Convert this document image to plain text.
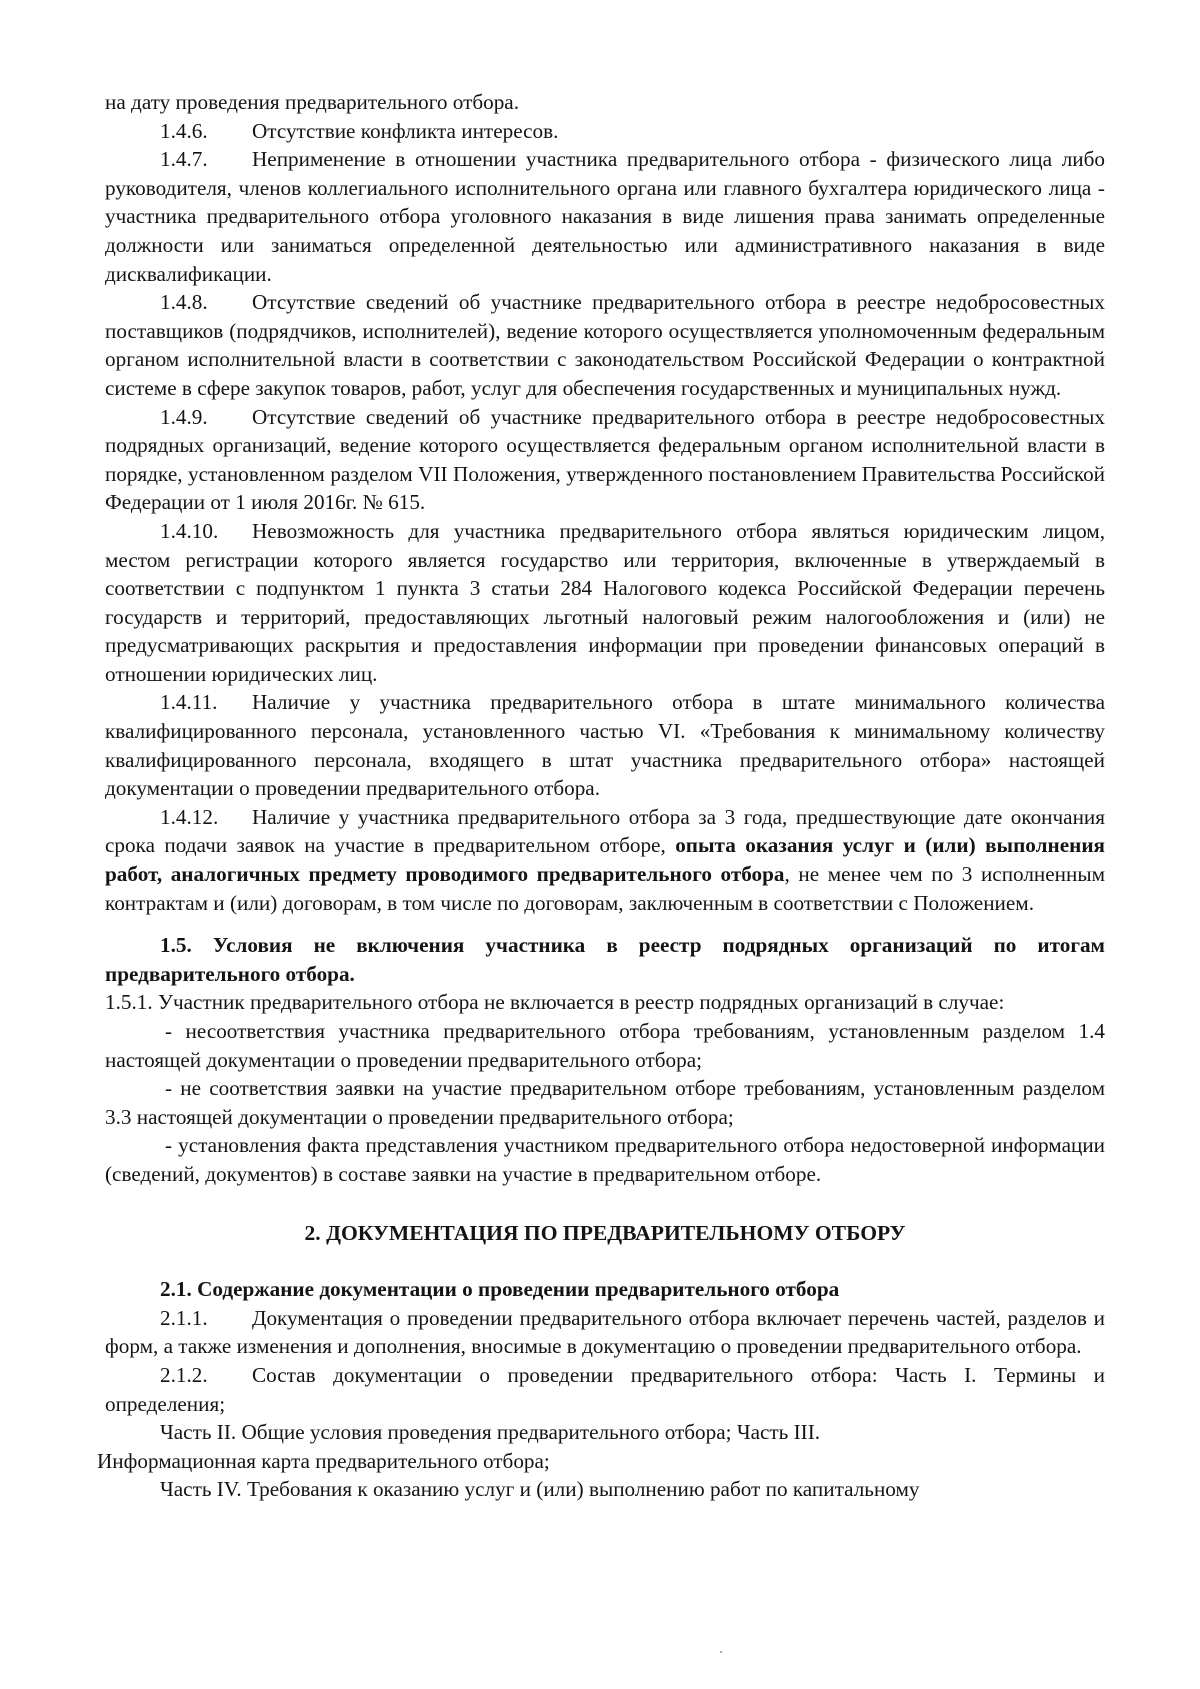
на дату проведения предварительного отбора.

1.4.6. Отсутствие конфликта интересов.

1.4.7. Неприменение в отношении участника предварительного отбора - физического лица либо руководителя, членов коллегиального исполнительного органа или главного бухгалтера юридического лица - участника предварительного отбора уголовного наказания в виде лишения права занимать определенные должности или заниматься определенной деятельностью или административного наказания в виде дисквалификации.

1.4.8. Отсутствие сведений об участнике предварительного отбора в реестре недобросовестных поставщиков (подрядчиков, исполнителей), ведение которого осуществляется уполномоченным федеральным органом исполнительной власти в соответствии с законодательством Российской Федерации о контрактной системе в сфере закупок товаров, работ, услуг для обеспечения государственных и муниципальных нужд.

1.4.9. Отсутствие сведений об участнике предварительного отбора в реестре недобросовестных подрядных организаций, ведение которого осуществляется федеральным органом исполнительной власти в порядке, установленном разделом VII Положения, утвержденного постановлением Правительства Российской Федерации от 1 июля 2016г. № 615.

1.4.10. Невозможность для участника предварительного отбора являться юридическим лицом, местом регистрации которого является государство или территория, включенные в утверждаемый в соответствии с подпунктом 1 пункта 3 статьи 284 Налогового кодекса Российской Федерации перечень государств и территорий, предоставляющих льготный налоговый режим налогообложения и (или) не предусматривающих раскрытия и предоставления информации при проведении финансовых операций в отношении юридических лиц.

1.4.11. Наличие у участника предварительного отбора в штате минимального количества квалифицированного персонала, установленного частью VI. «Требования к минимальному количеству квалифицированного персонала, входящего в штат участника предварительного отбора» настоящей документации о проведении предварительного отбора.

1.4.12. Наличие у участника предварительного отбора за 3 года, предшествующие дате окончания срока подачи заявок на участие в предварительном отборе, опыта оказания услуг и (или) выполнения работ, аналогичных предмету проводимого предварительного отбора, не менее чем по 3 исполненным контрактам и (или) договорам, в том числе по договорам, заключенным в соответствии с Положением.

1.5. Условия не включения участника в реестр подрядных организаций по итогам предварительного отбора.

1.5.1. Участник предварительного отбора не включается в реестр подрядных организаций в случае:

- несоответствия участника предварительного отбора требованиям, установленным разделом 1.4 настоящей документации о проведении предварительного отбора;

- не соответствия заявки на участие предварительном отборе требованиям, установленным разделом 3.3 настоящей документации о проведении предварительного отбора;

- установления факта представления участником предварительного отбора недостоверной информации (сведений, документов) в составе заявки на участие в предварительном отборе.

2. ДОКУМЕНТАЦИЯ ПО ПРЕДВАРИТЕЛЬНОМУ ОТБОРУ

2.1. Содержание документации о проведении предварительного отбора

2.1.1. Документация о проведении предварительного отбора включает перечень частей, разделов и форм, а также изменения и дополнения, вносимые в документацию о проведении предварительного отбора.

2.1.2. Состав документации о проведении предварительного отбора: Часть I. Термины и определения;

Часть II. Общие условия проведения предварительного отбора; Часть III.

Информационная карта предварительного отбора;

Часть IV. Требования к оказанию услуг и (или) выполнению работ по капитальному
